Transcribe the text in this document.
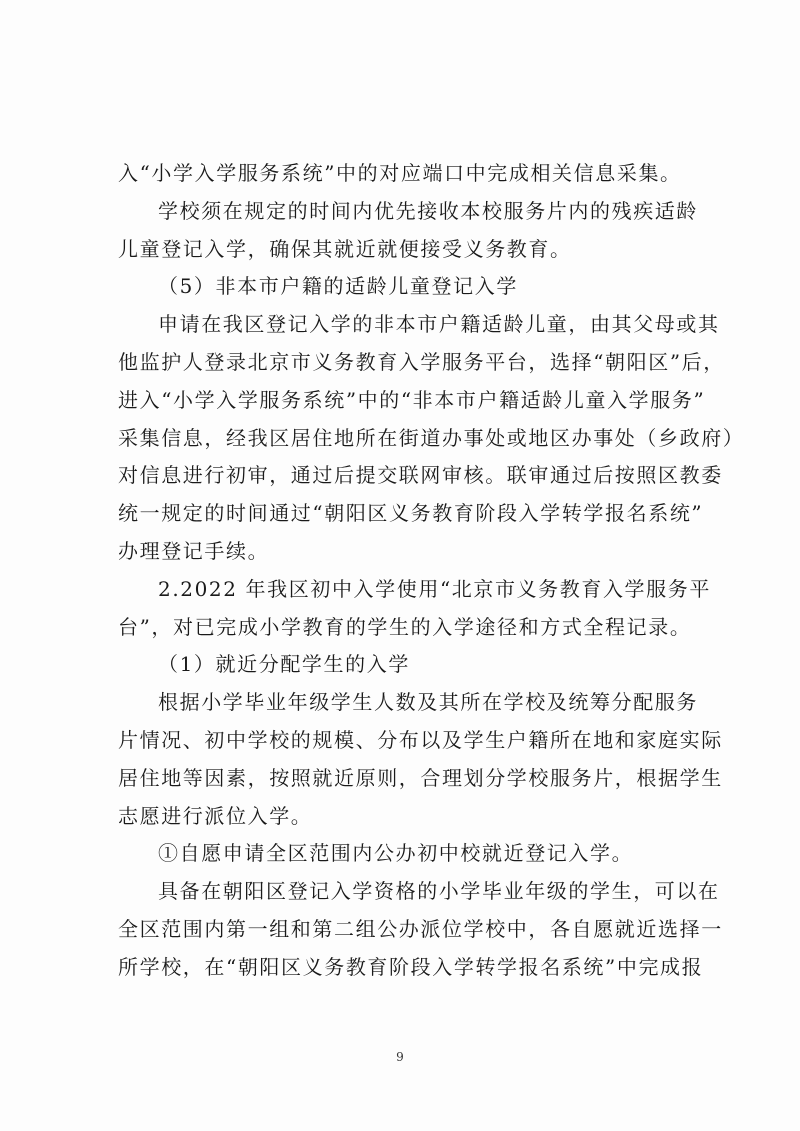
入“小学入学服务系统”中的对应端口中完成相关信息采集。
学校须在规定的时间内优先接收本校服务片内的残疾适龄
儿童登记入学，确保其就近就便接受义务教育。
（5）非本市户籍的适龄儿童登记入学
申请在我区登记入学的非本市户籍适龄儿童，由其父母或其
他监护人登录北京市义务教育入学服务平台，选择“朝阳区”后，
进入“小学入学服务系统”中的“非本市户籍适龄儿童入学服务”
采集信息，经我区居住地所在街道办事处或地区办事处（乡政府）
对信息进行初审，通过后提交联网审核。联审通过后按照区教委
统一规定的时间通过“朝阳区义务教育阶段入学转学报名系统”
办理登记手续。
2.2022 年我区初中入学使用“北京市义务教育入学服务平
台”，对已完成小学教育的学生的入学途径和方式全程记录。
（1）就近分配学生的入学
根据小学毕业年级学生人数及其所在学校及统筹分配服务
片情况、初中学校的规模、分布以及学生户籍所在地和家庭实际
居住地等因素，按照就近原则，合理划分学校服务片，根据学生
志愿进行派位入学。
①自愿申请全区范围内公办初中校就近登记入学。
具备在朝阳区登记入学资格的小学毕业年级的学生，可以在
全区范围内第一组和第二组公办派位学校中，各自愿就近选择一
所学校，在“朝阳区义务教育阶段入学转学报名系统”中完成报
9
